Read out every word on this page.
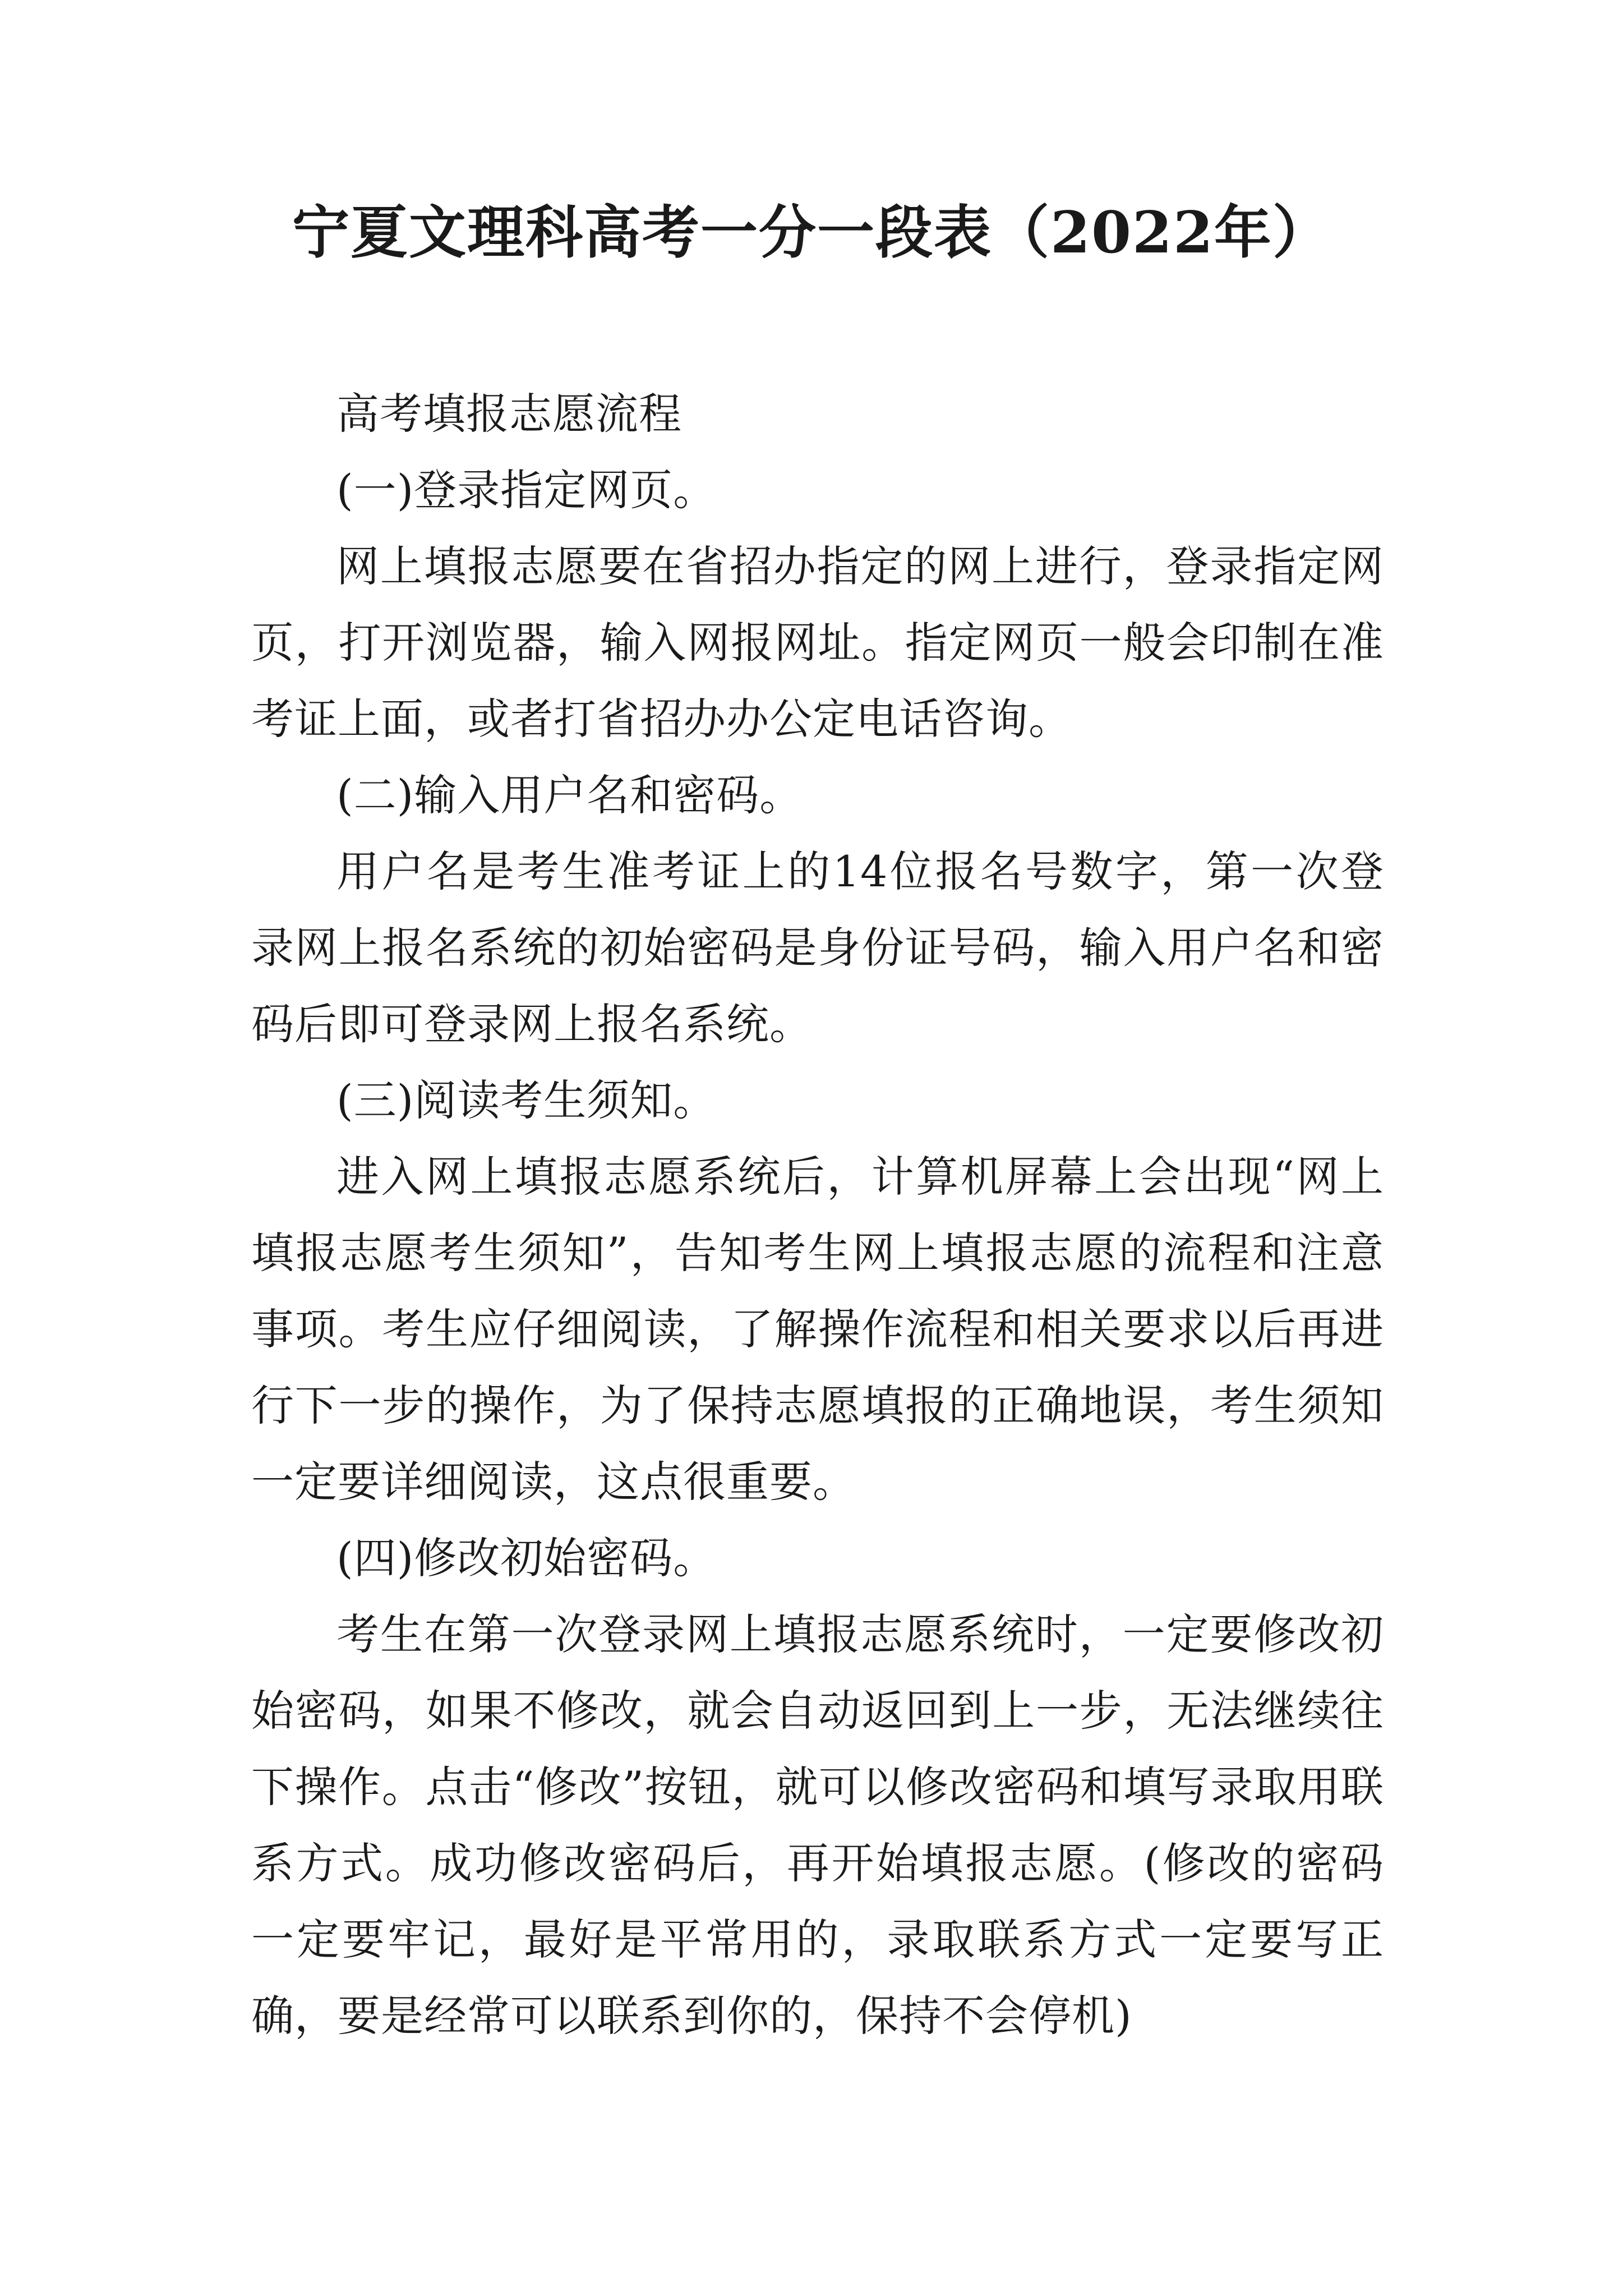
宁夏文理科高考一分一段表（2022年）

高考填报志愿流程

(一)登录指定网页。

网上填报志愿要在省招办指定的网上进行，登录指定网页，打开浏览器，输入网报网址。指定网页一般会印制在准考证上面，或者打省招办办公定电话咨询。

(二)输入用户名和密码。

用户名是考生准考证上的14位报名号数字，第一次登录网上报名系统的初始密码是身份证号码，输入用户名和密码后即可登录网上报名系统。

(三)阅读考生须知。

进入网上填报志愿系统后，计算机屏幕上会出现“网上填报志愿考生须知”，告知考生网上填报志愿的流程和注意事项。考生应仔细阅读，了解操作流程和相关要求以后再进行下一步的操作，为了保持志愿填报的正确地误，考生须知一定要详细阅读，这点很重要。

(四)修改初始密码。

考生在第一次登录网上填报志愿系统时，一定要修改初始密码，如果不修改，就会自动返回到上一步，无法继续往下操作。点击“修改”按钮，就可以修改密码和填写录取用联系方式。成功修改密码后，再开始填报志愿。(修改的密码一定要牢记，最好是平常用的，录取联系方式一定要写正确，要是经常可以联系到你的，保持不会停机)
